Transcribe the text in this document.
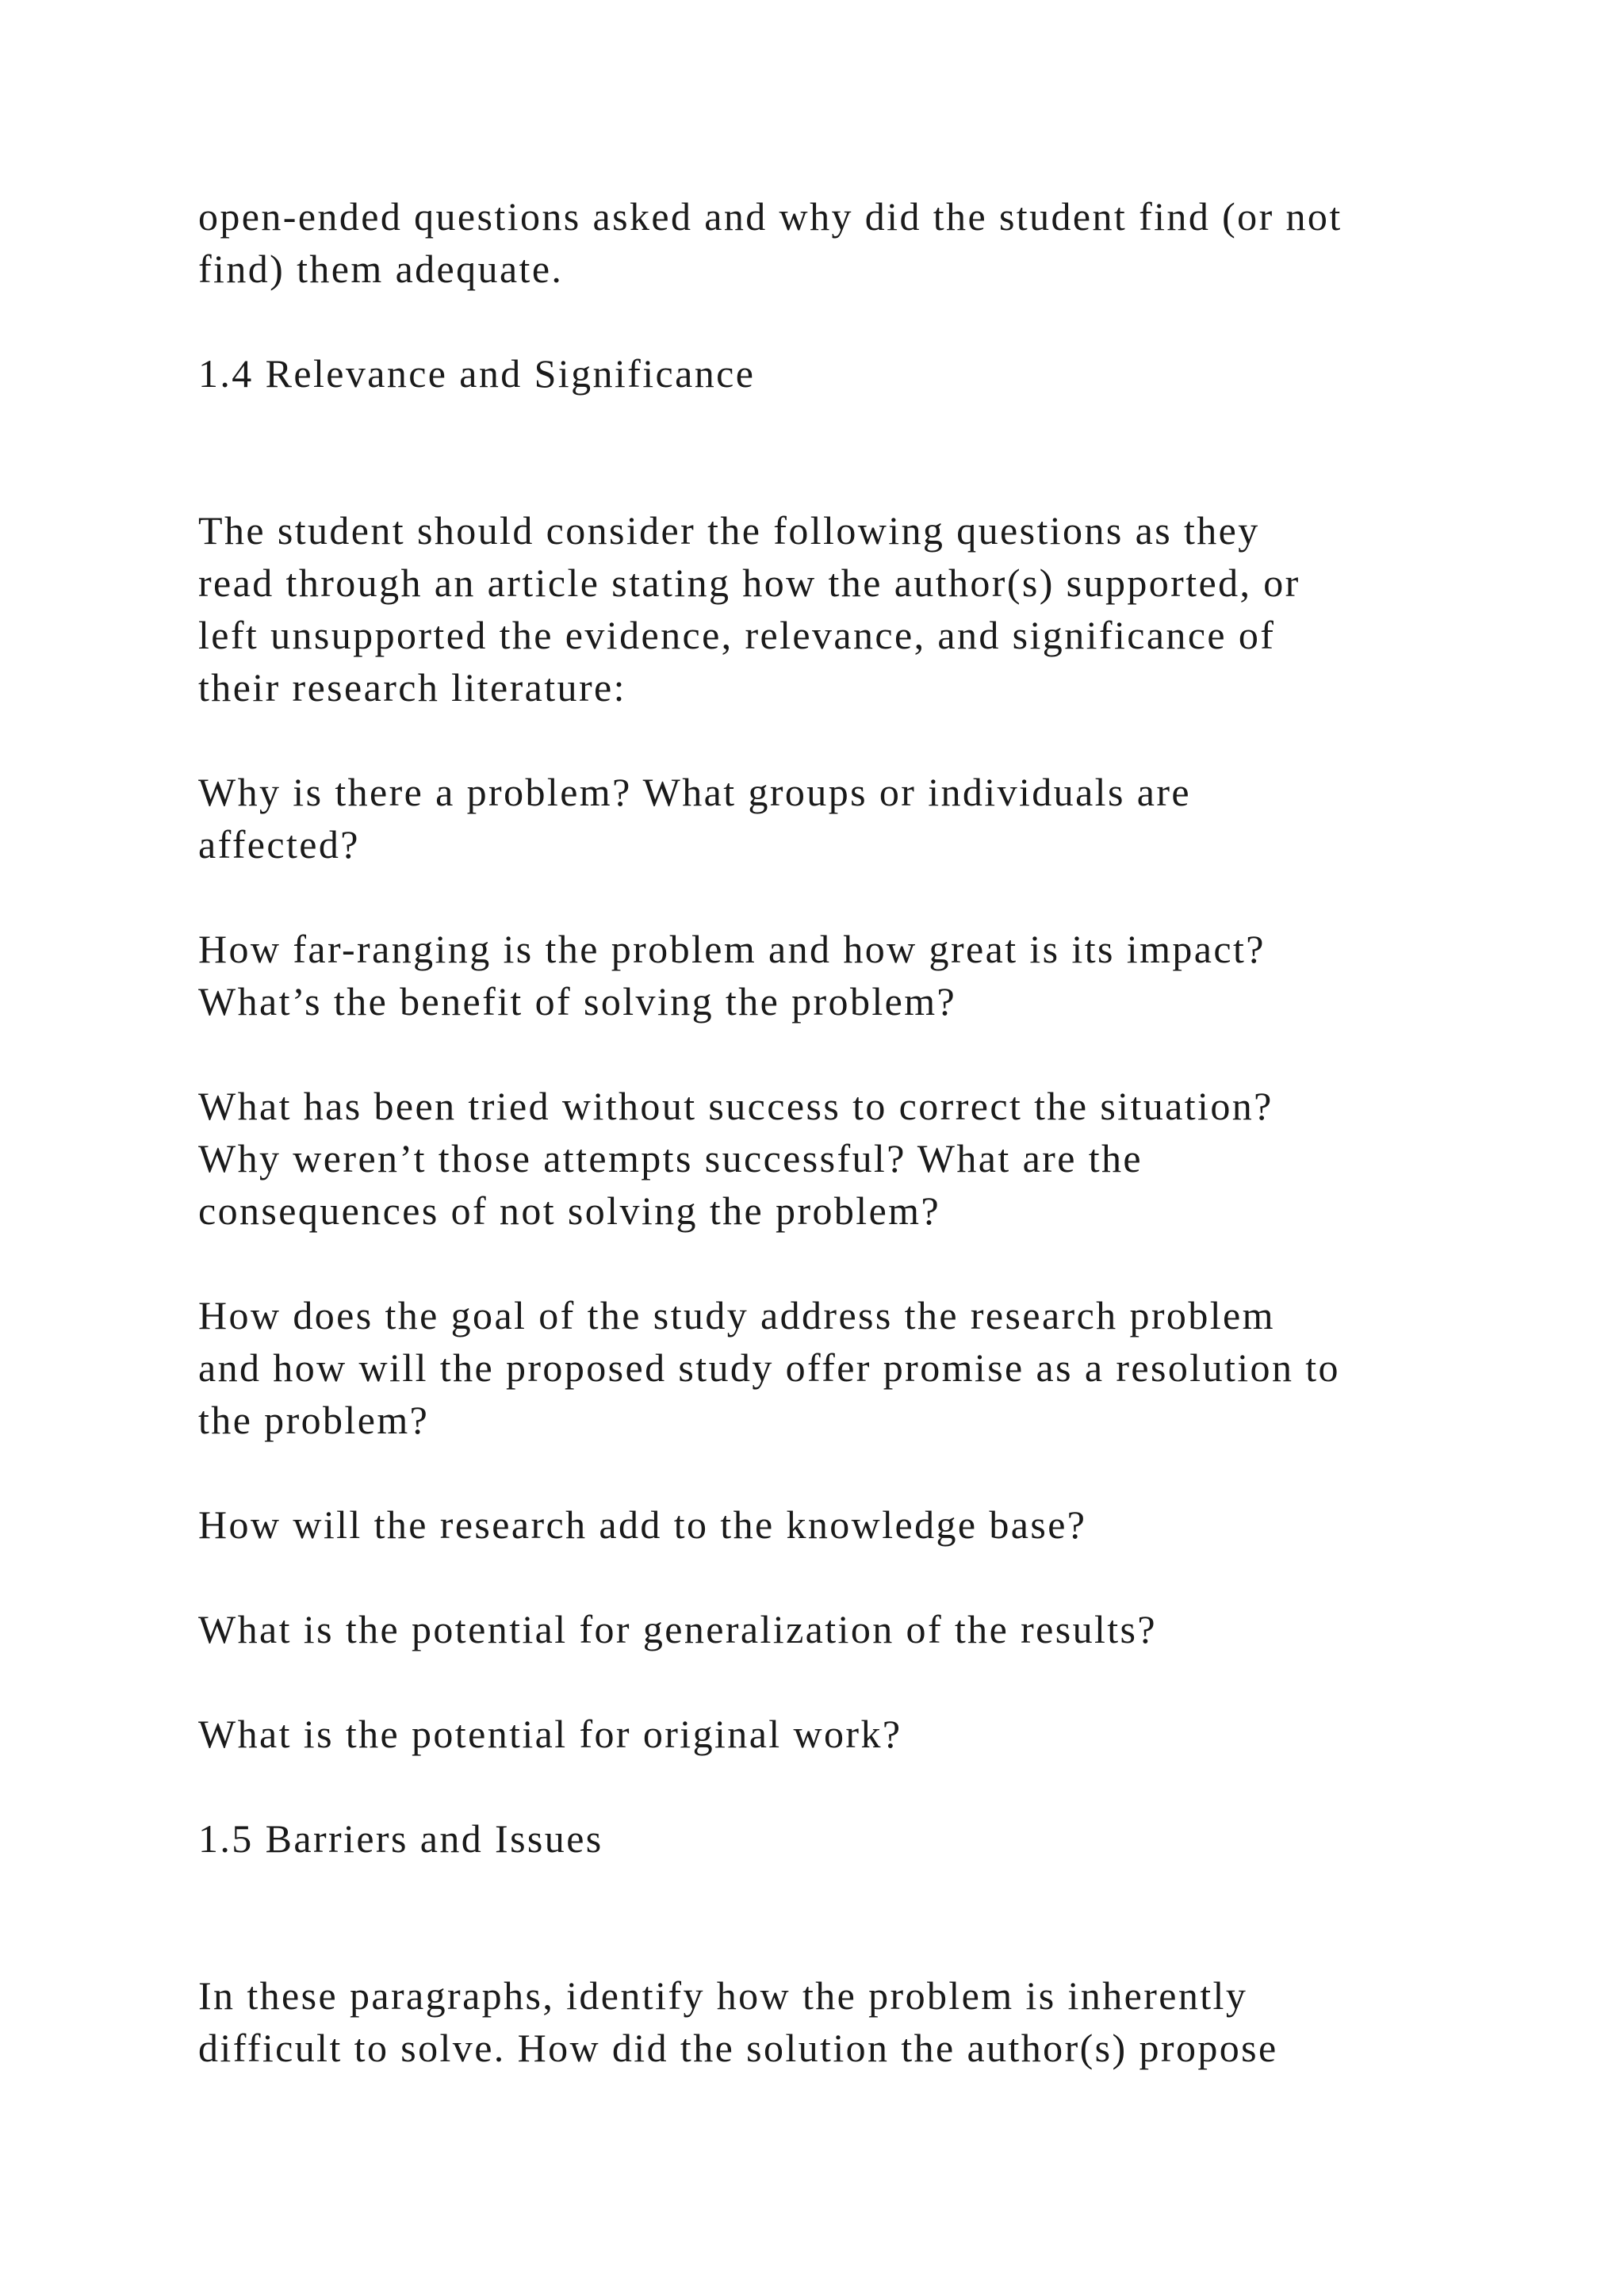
open-ended questions asked and why did the student find (or not
find) them adequate.

1.4 Relevance and Significance

The student should consider the following questions as they
read through an article stating how the author(s) supported, or
left unsupported the evidence, relevance, and significance of
their research literature:

Why is there a problem? What groups or individuals are
affected?

How far-ranging is the problem and how great is its impact?
What’s the benefit of solving the problem?

What has been tried without success to correct the situation?
Why weren’t those attempts successful? What are the
consequences of not solving the problem?

How does the goal of the study address the research problem
and how will the proposed study offer promise as a resolution to
the problem?

How will the research add to the knowledge base?

What is the potential for generalization of the results?

What is the potential for original work?

1.5 Barriers and Issues

In these paragraphs, identify how the problem is inherently
difficult to solve. How did the solution the author(s) propose
